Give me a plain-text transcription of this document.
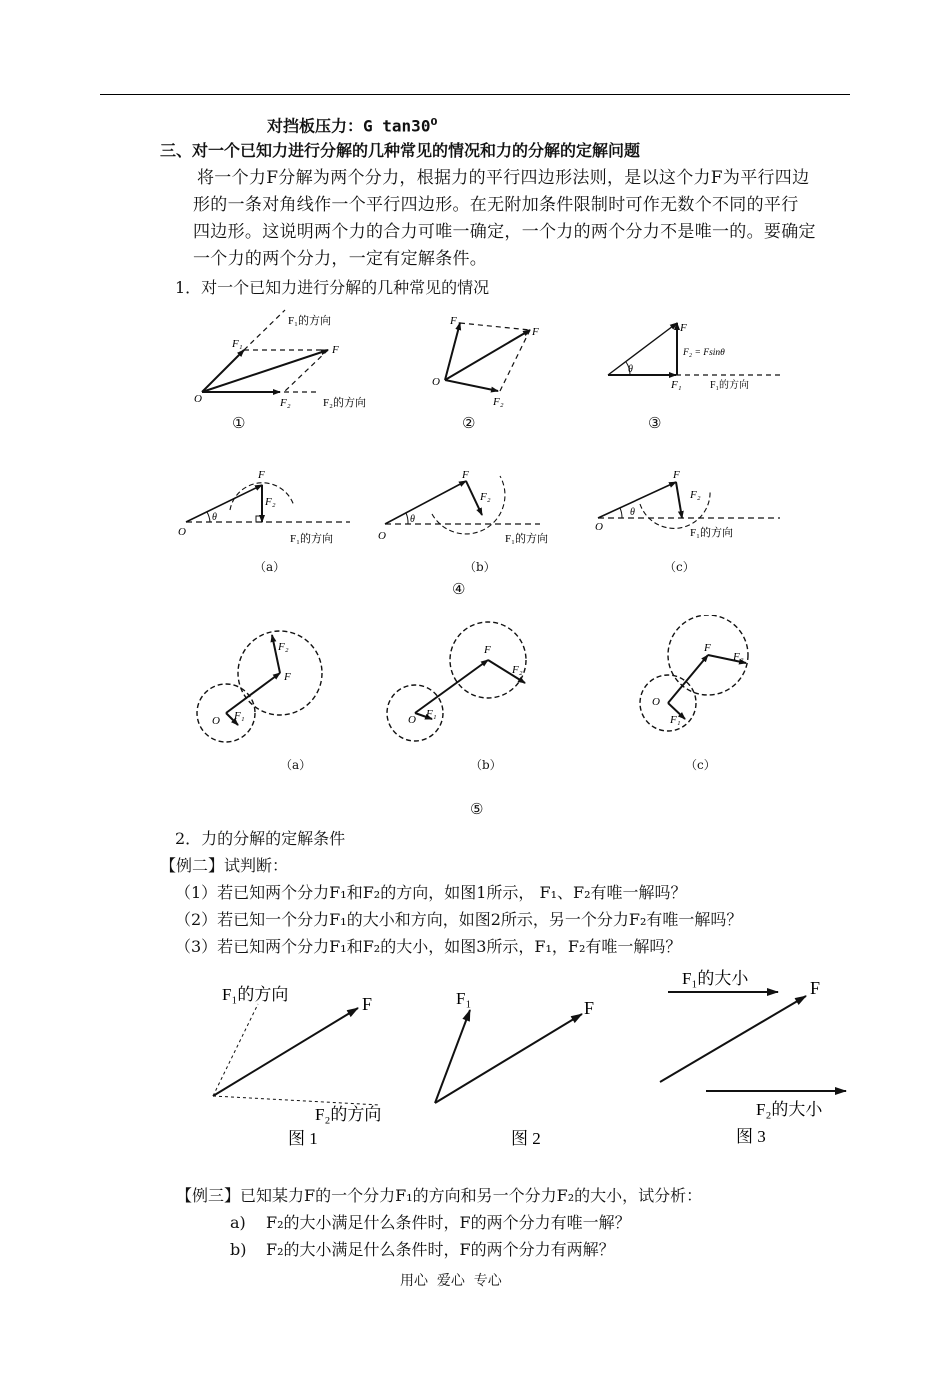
对挡板压力：G $\tan 30^0$
三、对一个已知力进行分解的几种常见的情况和力的分解的定解问题
将一个力F分解为两个分力，根据力的平行四边形法则，是以这个力F为平行四边
形的一条对角线作一个平行四边形。在无附加条件限制时可作无数个不同的平行
四边形。这说明两个力的合力可唯一确定，一个力的两个分力不是唯一的。要确定
一个力的两个分力，一定有定解条件。
1．对一个已知力进行分解的几种常见的情况
F₁的方向
F₁	F
O	F₂	F₂的方向
F₁
F
O
F₂
F
F₂ = Fsinθ
θ
F₁	F₁的方向
①	②	③
F
F₂
θ
O
F₁的方向
F
F₂
θ
O	F₁的方向
F
F₂
θ
O	F₁的方向
（a）	（b）	（c）
④
F₂
F
O F₁
F
F₂
O F₁
F
F₂
O
F₁
（a）	（b）	（c）
⑤
2．力的分解的定解条件
【例二】试判断：
（1）若已知两个分力F₁和F₂的方向，如图1所示， F₁、F₂有唯一解吗？
（2）若已知一个分力F₁的大小和方向，如图2所示，另一个分力F₂有唯一解吗？
（3）若已知两个分力F₁和F₂的大小，如图3所示，F₁，F₂有唯一解吗？
F₁的方向	F
F₂的方向
图 1
F₁	F
图 2
F₁的大小	F
F₂的大小
图 3
【例三】已知某力F的一个分力F₁的方向和另一个分力F₂的大小，试分析：
a) F₂的大小满足什么条件时，F的两个分力有唯一解？
b) F₂的大小满足什么条件时，F的两个分力有两解？
用心  爱心  专心
